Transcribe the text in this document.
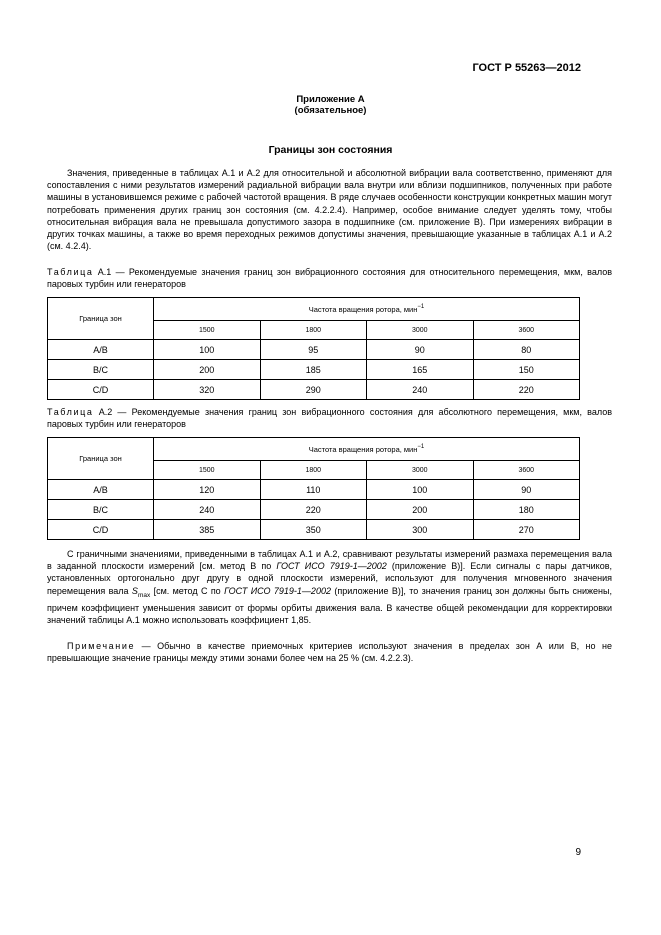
ГОСТ Р 55263—2012
Приложение А
(обязательное)
Границы зон состояния

Значения, приведенные в таблицах А.1 и А.2 для относительной и абсолютной вибрации вала соответственно, применяют для сопоставления с ними результатов измерений радиальной вибрации вала внутри или вблизи подшипников, полученных при работе машины в установившемся режиме с рабочей частотой вращения. В ряде случаев особенности конструкции конкретных машин могут потребовать применения других границ зон состояния (см. 4.2.2.4). Например, особое внимание следует уделять тому, чтобы относительная вибрация вала не превышала допустимого зазора в подшипнике (см. приложение В). При измерениях вибрации в других точках машины, а также во время переходных режимов допустимы значения, превышающие указанные в таблицах А.1 и А.2 (см. 4.2.4).

Таблица А.1 — Рекомендуемые значения границ зон вибрационного состояния для относительного перемещения, мкм, валов паровых турбин или генераторов

Граница зон	Частота вращения ротора, мин$^{-1}$
	1500	1800	3000	3600
A/B	100	95	90	80
B/C	200	185	165	150
C/D	320	290	240	220

Таблица А.2 — Рекомендуемые значения границ зон вибрационного состояния для абсолютного перемещения, мкм, валов паровых турбин или генераторов

Граница зон	Частота вращения ротора, мин$^{-1}$
	1500	1800	3000	3600
A/B	120	110	100	90
B/C	240	220	200	180
C/D	385	350	300	270

С граничными значениями, приведенными в таблицах А.1 и А.2, сравнивают результаты измерений размаха перемещения вала в заданной плоскости измерений [см. метод В по ГОСТ ИСО 7919-1—2002 (приложение В)]. Если сигналы с пары датчиков, установленных ортогонально друг другу в одной плоскости измерений, используют для получения мгновенного значения перемещения вала $S_{max}$ [см. метод С по ГОСТ ИСО 7919-1—2002 (приложение В)], то значения границ зон должны быть снижены, причем коэффициент уменьшения зависит от формы орбиты движения вала. В качестве общей рекомендации для корректировки значений таблицы А.1 можно использовать коэффициент 1,85.

Примечание — Обычно в качестве приемочных критериев используют значения в пределах зон А или В, но не превышающие значение границы между этими зонами более чем на 25 % (см. 4.2.2.3).

9
